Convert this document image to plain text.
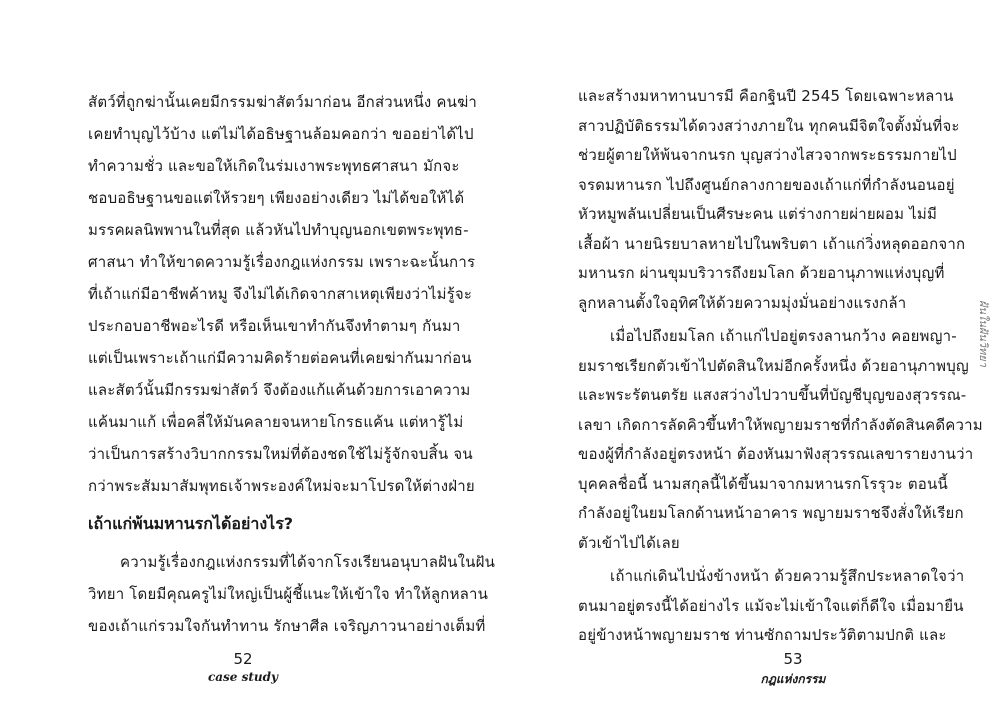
สัตว์ที่ถูกฆ่านั้นเคยมีกรรมฆ่าสัตว์มาก่อน อีกส่วนหนึ่ง คนฆ่า
เคยทำบุญไว้บ้าง แต่ไม่ได้อธิษฐานล้อมคอกว่า ขออย่าได้ไป
ทำความชั่ว และขอให้เกิดในร่มเงาพระพุทธศาสนา มักจะ
ชอบอธิษฐานขอแต่ให้รวยๆ เพียงอย่างเดียว ไม่ได้ขอให้ได้
มรรคผลนิพพานในที่สุด แล้วหันไปทำบุญนอกเขตพระพุทธ-
ศาสนา ทำให้ขาดความรู้เรื่องกฎแห่งกรรม เพราะฉะนั้นการ
ที่เถ้าแก่มีอาชีพค้าหมู จึงไม่ได้เกิดจากสาเหตุเพียงว่าไม่รู้จะ
ประกอบอาชีพอะไรดี หรือเห็นเขาทำกันจึงทำตามๆ กันมา
แต่เป็นเพราะเถ้าแก่มีความคิดร้ายต่อคนที่เคยฆ่ากันมาก่อน
และสัตว์นั้นมีกรรมฆ่าสัตว์ จึงต้องแก้แค้นด้วยการเอาความ
แค้นมาแก้ เพื่อคลี่ให้มันคลายจนหายโกรธแค้น แต่หารู้ไม่
ว่าเป็นการสร้างวิบากกรรมใหม่ที่ต้องชดใช้ไม่รู้จักจบสิ้น จน
กว่าพระสัมมาสัมพุทธเจ้าพระองค์ใหม่จะมาโปรดให้ต่างฝ่าย
เถ้าแก่พ้นมหานรกได้อย่างไร?
ความรู้เรื่องกฎแห่งกรรมที่ได้จากโรงเรียนอนุบาลฝันในฝัน
วิทยา โดยมีคุณครูไม่ใหญ่เป็นผู้ชี้แนะให้เข้าใจ ทำให้ลูกหลาน
ของเถ้าแก่รวมใจกันทำทาน รักษาศีล เจริญภาวนาอย่างเต็มที่
52
case study
และสร้างมหาทานบารมี คือกฐินปี 2545 โดยเฉพาะหลาน
สาวปฏิบัติธรรมได้ดวงสว่างภายใน ทุกคนมีจิตใจตั้งมั่นที่จะ
ช่วยผู้ตายให้พ้นจากนรก บุญสว่างไสวจากพระธรรมกายไป
จรดมหานรก ไปถึงศูนย์กลางกายของเถ้าแก่ที่กำลังนอนอยู่
หัวหมูพลันเปลี่ยนเป็นศีรษะคน แต่ร่างกายผ่ายผอม ไม่มี
เสื้อผ้า นายนิรยบาลหายไปในพริบตา เถ้าแก่วิ่งหลุดออกจาก
มหานรก ผ่านขุมบริวารถึงยมโลก ด้วยอานุภาพแห่งบุญที่
ลูกหลานตั้งใจอุทิศให้ด้วยความมุ่งมั่นอย่างแรงกล้า
เมื่อไปถึงยมโลก เถ้าแก่ไปอยู่ตรงลานกว้าง คอยพญา-
ยมราชเรียกตัวเข้าไปตัดสินใหม่อีกครั้งหนึ่ง ด้วยอานุภาพบุญ
และพระรัตนตรัย แสงสว่างไปวาบขึ้นที่บัญชีบุญของสุวรรณ-
เลขา เกิดการลัดคิวขึ้นทำให้พญายมราชที่กำลังตัดสินคดีความ
ของผู้ที่กำลังอยู่ตรงหน้า ต้องหันมาฟังสุวรรณเลขารายงานว่า
บุคคลชื่อนี้ นามสกุลนี้ได้ขึ้นมาจากมหานรกโรรุวะ ตอนนี้
กำลังอยู่ในยมโลกด้านหน้าอาคาร พญายมราชจึงสั่งให้เรียก
ตัวเข้าไปได้เลย
เถ้าแก่เดินไปนั่งข้างหน้า ด้วยความรู้สึกประหลาดใจว่า
ตนมาอยู่ตรงนี้ได้อย่างไร แม้จะไม่เข้าใจแต่ก็ดีใจ เมื่อมายืน
อยู่ข้างหน้าพญายมราช ท่านซักถามประวัติตามปกติ และ
53
กฎแห่งกรรม
ฝันในฝันวิทยา
